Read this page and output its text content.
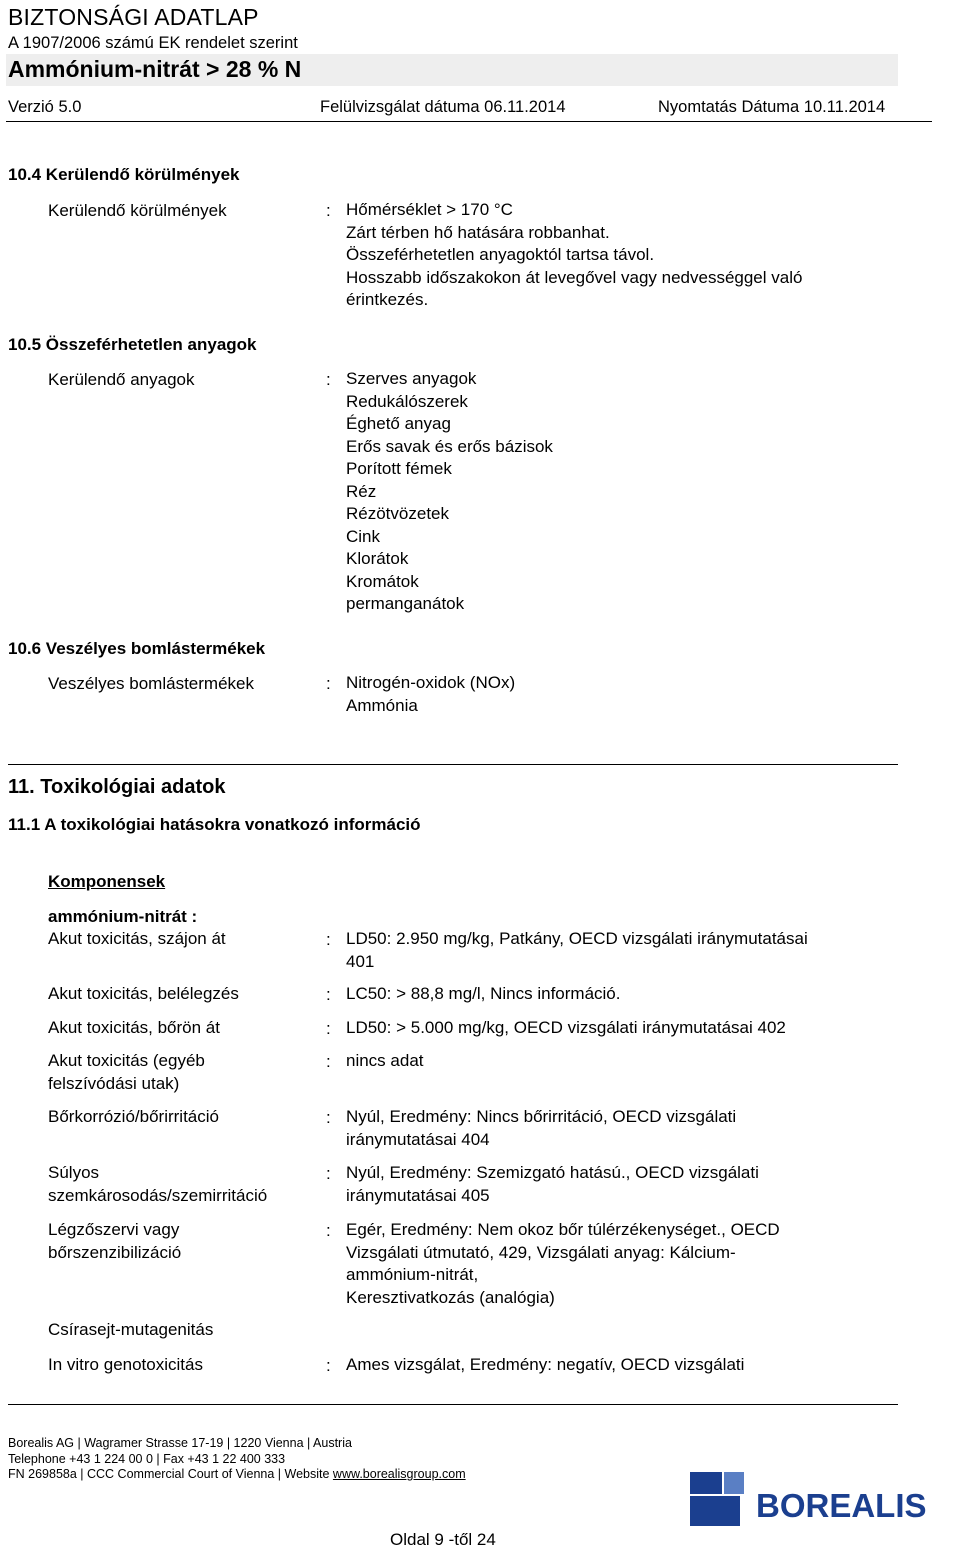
BIZTONSÁGI ADATLAP
A 1907/2006 számú EK rendelet szerint
Ammónium-nitrát > 28 % N
Verzió 5.0	Felülvizsgálat dátuma 06.11.2014	Nyomtatás Dátuma 10.11.2014
10.4 Kerülendő körülmények
Kerülendő körülmények	: Hőmérséklet > 170 °C
Zárt térben hő hatására robbanhat.
Összeférhetetlen anyagoktól tartsa távol.
Hosszabb időszakokon át levegővel vagy nedvességgel való
érintkezés.
10.5 Összeférhetetlen anyagok
Kerülendő anyagok	: Szerves anyagok
Redukálószerek
Éghető anyag
Erős savak és erős bázisok
Porított fémek
Réz
Rézötvözetek
Cink
Klorátok
Kromátok
permanganátok
10.6 Veszélyes bomlástermékek
Veszélyes bomlástermékek	: Nitrogén-oxidok (NOx)
Ammónia
11. Toxikológiai adatok
11.1 A toxikológiai hatásokra vonatkozó információ
Komponensek
ammónium-nitrát :
Akut toxicitás, szájon át	: LD50: 2.950 mg/kg, Patkány, OECD vizsgálati iránymutatásai
401
Akut toxicitás, belélegzés	: LC50: > 88,8 mg/l, Nincs információ.
Akut toxicitás, bőrön át	: LD50: > 5.000 mg/kg, OECD vizsgálati iránymutatásai 402
Akut toxicitás (egyéb
felszívódási utak)
: nincs adat
Bőrkorrózió/bőrirritáció	: Nyúl, Eredmény: Nincs bőrirritáció, OECD vizsgálati
iránymutatásai 404
Súlyos
szemkárosodás/szemirritáció
: Nyúl, Eredmény: Szemizgató hatású., OECD vizsgálati
iránymutatásai 405
Légzőszervi vagy
bőrszenzibilizáció
: Egér, Eredmény: Nem okoz bőr túlérzékenységet., OECD
Vizsgálati útmutató, 429, Vizsgálati anyag: Kálcium-
ammónium-nitrát,
Keresztivatkozás (analógia)
Csírasejt-mutagenitás
In vitro genotoxicitás	: Ames vizsgálat, Eredmény: negatív, OECD vizsgálati
Borealis AG | Wagramer Strasse 17-19 | 1220 Vienna | Austria
Telephone +43 1 224 00 0 | Fax +43 1 22 400 333
FN 269858a | CCC Commercial Court of Vienna | Website www.borealisgroup.com
Oldal 9 -től 24
BOREALIS
